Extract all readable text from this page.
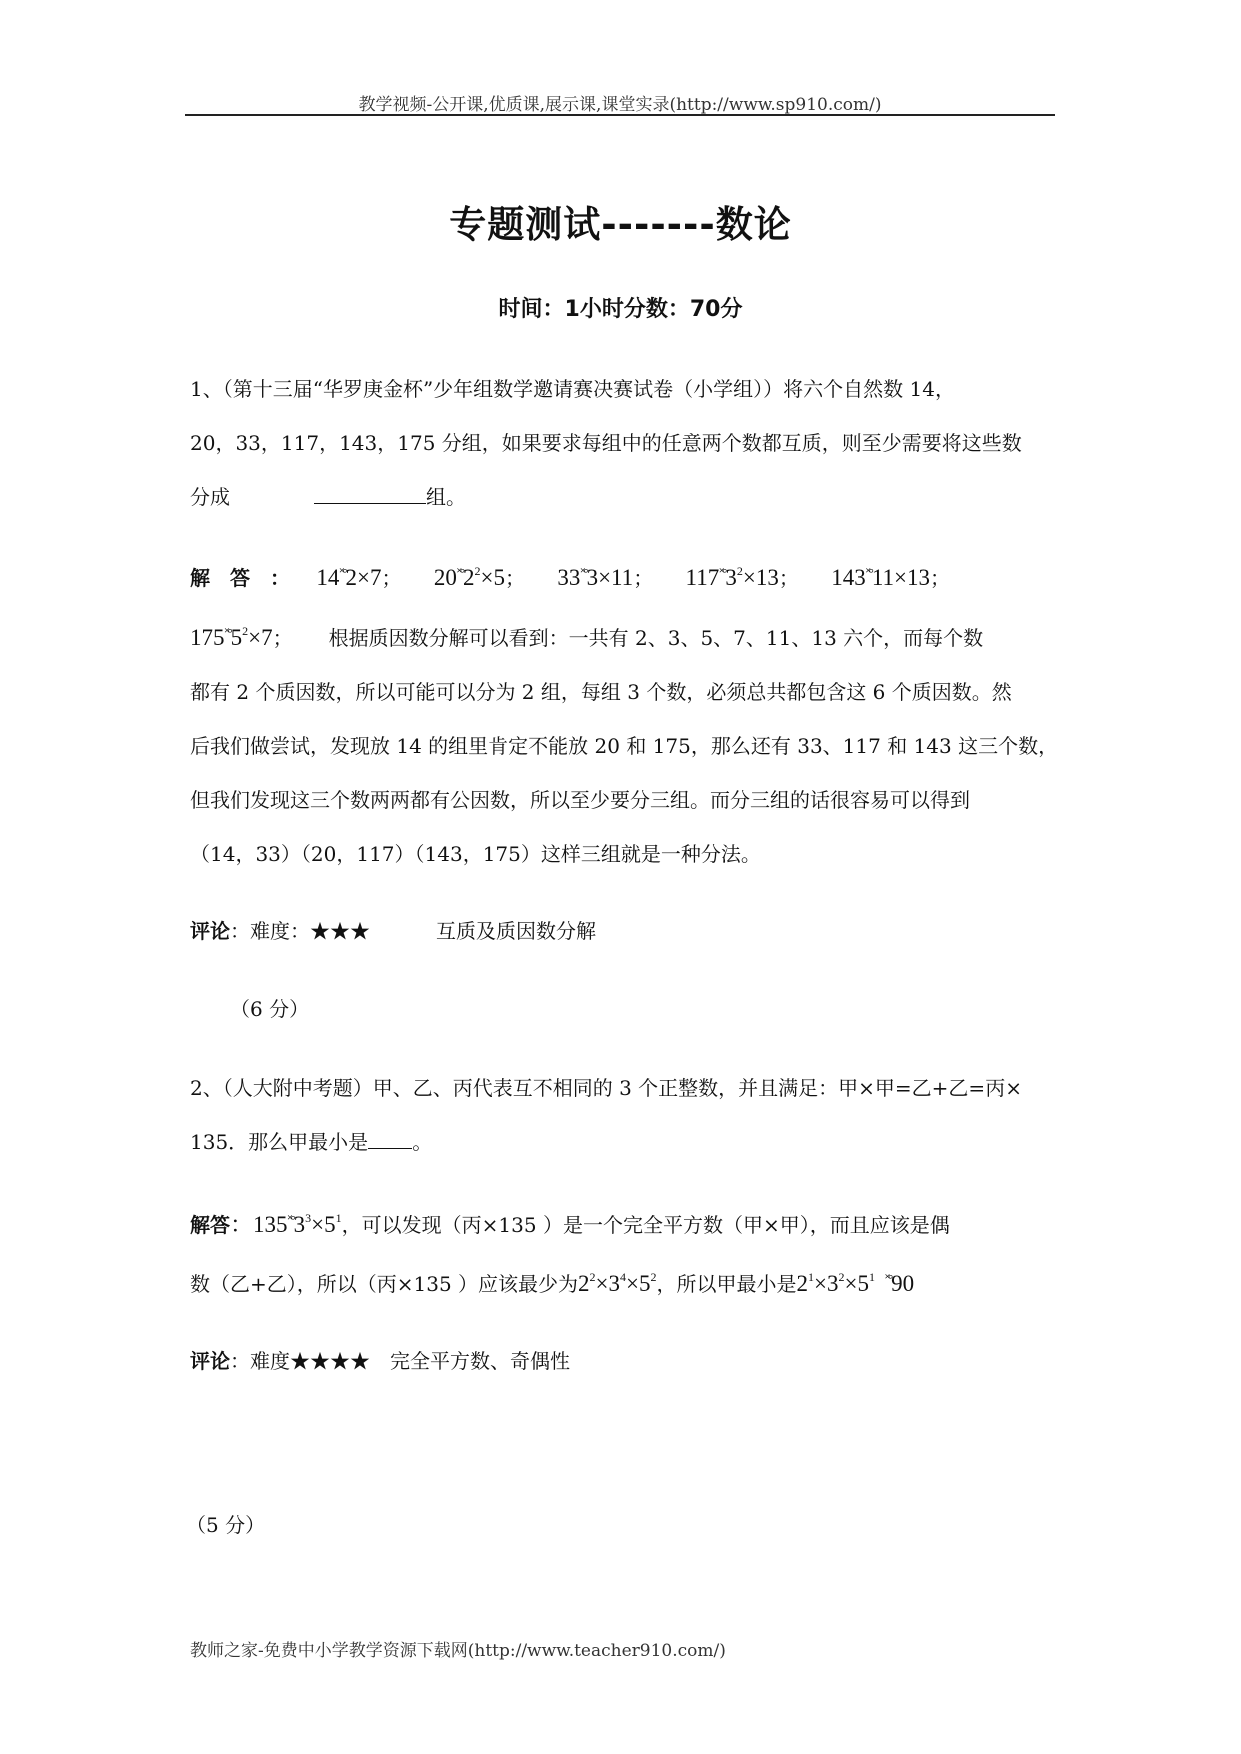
教学视频-公开课,优质课,展示课,课堂实录(http://www.sp910.com/)
专题测试-------数论
时间：1小时分数：70分
1、（第十三届“华罗庚金杯”少年组数学邀请赛决赛试卷（小学组））将六个自然数 14，
20，33，117，143，175 分组，如果要求每组中的任意两个数都互质，则至少需要将这些数
分成	组。
解　答　： 14˟°2×7； $20^{˟^\circ}2^2\times 5$； 33˟°3×11； $117^{˟^\circ}3^2\times 13$； 143˟°11×13；
$175^{˟^\circ}5^2\times 7$； 根据质因数分解可以看到：一共有 2、3、5、7、11、13 六个，而每个数
都有 2 个质因数，所以可能可以分为 2 组，每组 3 个数，必须总共都包含这 6 个质因数。然
后我们做尝试，发现放 14 的组里肯定不能放 20 和 175，那么还有 33、117 和 143 这三个数，
但我们发现这三个数两两都有公因数，所以至少要分三组。而分三组的话很容易可以得到
（14，33）（20，117）（143，175）这样三组就是一种分法。
评论：难度：★★★	互质及质因数分解
（6 分）
2、（人大附中考题）甲、乙、丙代表互不相同的 3 个正整数，并且满足：甲×甲=乙+乙=丙×
135．那么甲最小是 。
解答：$135^{˟^\circ}3^3\times 5^1$，可以发现（丙×135 ）是一个完全平方数（甲×甲），而且应该是偶
数（乙+乙），所以（丙×135 ）应该最少为$2^2\times 3^4\times 5^2$，所以甲最小是$2^1\times 3^2\times 5^1$ ˟°90
评论：难度★★★★ 完全平方数、奇偶性
（5 分）
教师之家-免费中小学教学资源下载网(http://www.teacher910.com/)
